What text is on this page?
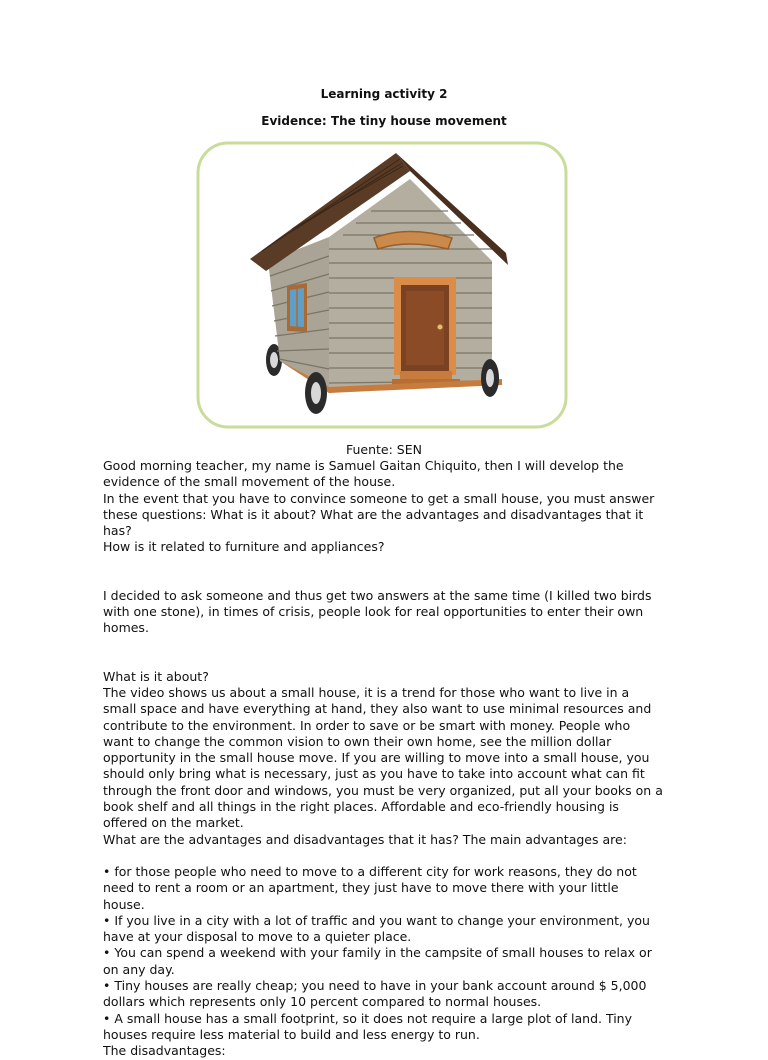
Learning activity 2
Evidence: The tiny house movement
Fuente: SEN

Good morning teacher, my name is Samuel Gaitan Chiquito, then I will develop the evidence of the small movement of the house.

In the event that you have to convince someone to get a small house, you must answer these questions: What is it about? What are the advantages and disadvantages that it has?

How is it related to furniture and appliances?

I decided to ask someone and thus get two answers at the same time (I killed two birds with one stone), in times of crisis, people look for real opportunities to enter their own homes.

What is it about?

The video shows us about a small house, it is a trend for those who want to live in a small space and have everything at hand, they also want to use minimal resources and contribute to the environment. In order to save or be smart with money. People who want to change the common vision to own their own home, see the million dollar opportunity in the small house move. If you are willing to move into a small house, you should only bring what is necessary, just as you have to take into account what can fit through the front door and windows, you must be very organized, put all your books on a book shelf and all things in the right places. Affordable and eco-friendly housing is offered on the market.

What are the advantages and disadvantages that it has? The main advantages are:

• for those people who need to move to a different city for work reasons, they do not need to rent a room or an apartment, they just have to move there with your little house.

• If you live in a city with a lot of traffic and you want to change your environment, you have at your disposal to move to a quieter place.

• You can spend a weekend with your family in the campsite of small houses to relax or on any day.

• Tiny houses are really cheap; you need to have in your bank account around $ 5,000 dollars which represents only 10 percent compared to normal houses.

• A small house has a small footprint, so it does not require a large plot of land. Tiny houses require less material to build and less energy to run.

The disadvantages:
